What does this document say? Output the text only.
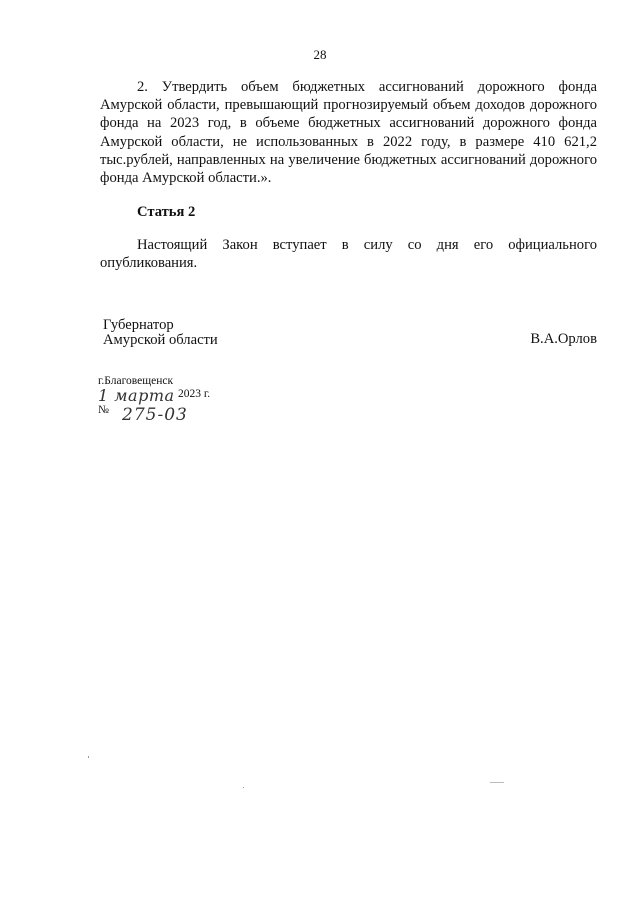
28
2. Утвердить объем бюджетных ассигнований дорожного фонда Амурской области, превышающий прогнозируемый объем доходов дорожного фонда на 2023 год, в объеме бюджетных ассигнований дорожного фонда Амурской области, не использованных в 2022 году, в размере 410 621,2 тыс.рублей, направленных на увеличение бюджетных ассигнований дорожного фонда Амурской области.».
Статья 2
Настоящий Закон вступает в силу со дня его официального опубликования.
Губернатор
Амурской области	В.А.Орлов
г.Благовещенск
1 марта 2023 г.
№ 275-03
